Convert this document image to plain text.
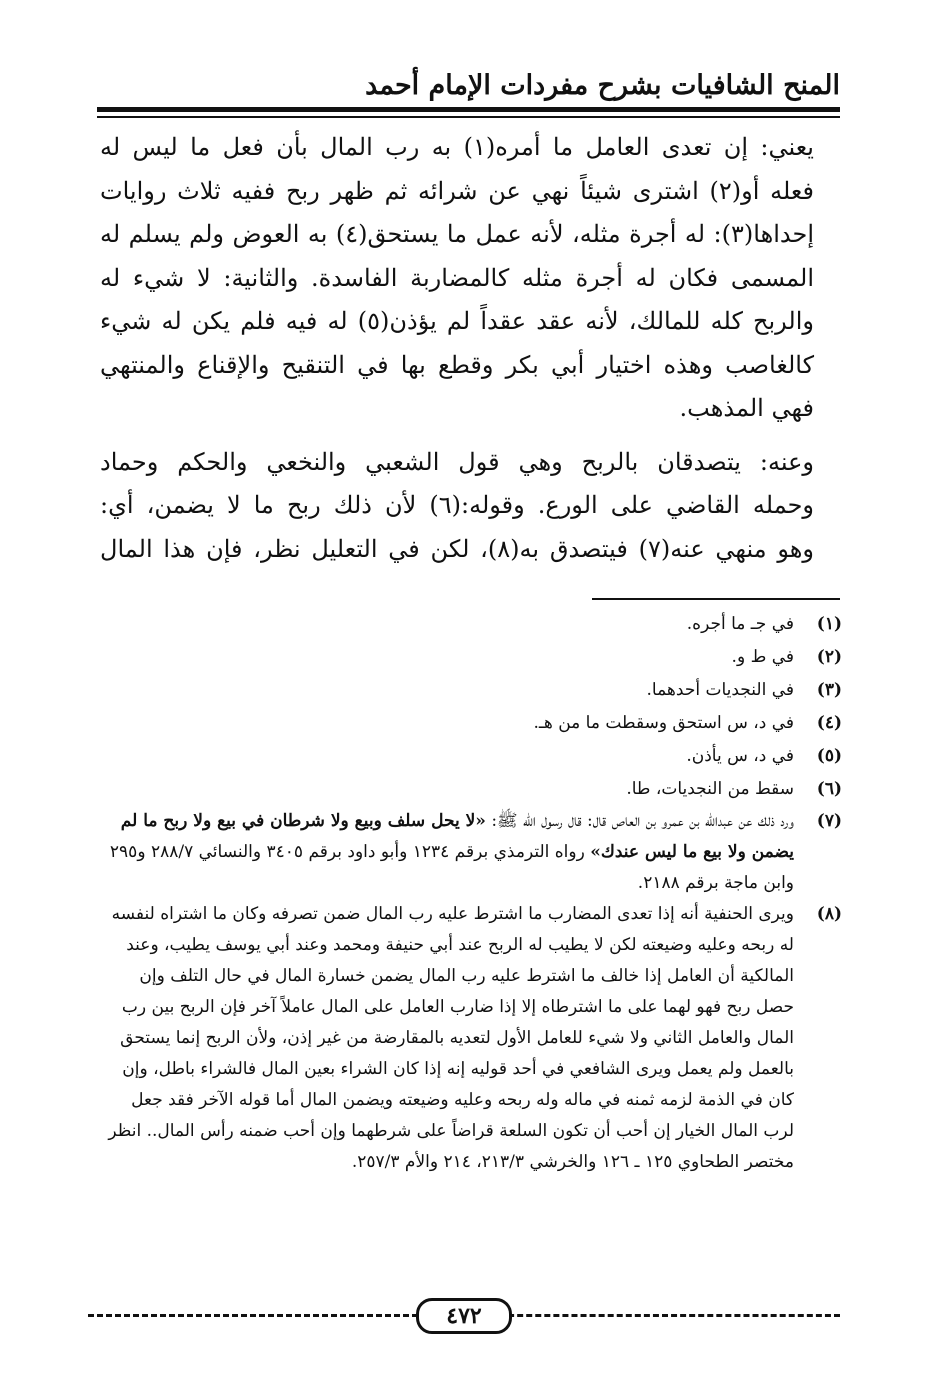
المنح الشافيات بشرح مفردات الإمام أحمد

يعني: إن تعدى العامل ما أمره(١) به رب المال بأن فعل ما ليس له
فعله أو(٢) اشترى شيئاً نهي عن شرائه ثم ظهر ربح ففيه ثلاث روايات
إحداها(٣): له أجرة مثله، لأنه عمل ما يستحق(٤) به العوض ولم يسلم له
المسمى فكان له أجرة مثله كالمضاربة الفاسدة. والثانية: لا شيء له
والربح كله للمالك، لأنه عقد عقداً لم يؤذن(٥) له فيه فلم يكن له شيء
كالغاصب وهذه اختيار أبي بكر وقطع بها في التنقيح والإقناع والمنتهي
فهي المذهب.

وعنه: يتصدقان بالربح وهي قول الشعبي والنخعي والحكم وحماد
وحمله القاضي على الورع. وقوله:(٦) لأن ذلك ربح ما لا يضمن، أي:
وهو منهي عنه(٧) فيتصدق به(٨)، لكن في التعليل نظر، فإن هذا المال

(١)
في جـ ما أجره.
(٢)
في ط و.
(٣)
في النجديات أحدهما.
(٤)
في د، س استحق وسقطت ما من هـ.
(٥)
في د، س يأذن.
(٦)
سقط من النجديات، طا.
(٧)
ورد ذلك عن عبدالله بن عمرو بن العاص قال: قال رسول الله ﷺ: «لا يحل سلف وبيع ولا شرطان في بيع ولا ربح ما لم يضمن ولا بيع ما ليس عندك» رواه الترمذي برقم ١٢٣٤ وأبو داود برقم ٣٤٠٥ والنسائي ٢٨٨/٧ و٢٩٥ وابن ماجة برقم ٢١٨٨.
(٨)
ويرى الحنفية أنه إذا تعدى المضارب ما اشترط عليه رب المال ضمن تصرفه وكان ما اشتراه لنفسه له ربحه وعليه وضيعته لكن لا يطيب له الربح عند أبي حنيفة ومحمد وعند أبي يوسف يطيب، وعند المالكية أن العامل إذا خالف ما اشترط عليه رب المال يضمن خسارة المال في حال التلف وإن حصل ربح فهو لهما على ما اشترطاه إلا إذا ضارب العامل على المال عاملاً آخر فإن الربح بين رب المال والعامل الثاني ولا شيء للعامل الأول لتعديه بالمقارضة من غير إذن، ولأن الربح إنما يستحق بالعمل ولم يعمل ويرى الشافعي في أحد قوليه إنه إذا كان الشراء بعين المال فالشراء باطل، وإن كان في الذمة لزمه ثمنه في ماله وله ربحه وعليه وضيعته ويضمن المال أما قوله الآخر فقد جعل لرب المال الخيار إن أحب أن تكون السلعة قراضاً على شرطهما وإن أحب ضمنه رأس المال.. انظر مختصر الطحاوي ١٢٥ ـ ١٢٦ والخرشي ٢١٣/٣، ٢١٤ والأم ٢٥٧/٣.
٤٧٢
